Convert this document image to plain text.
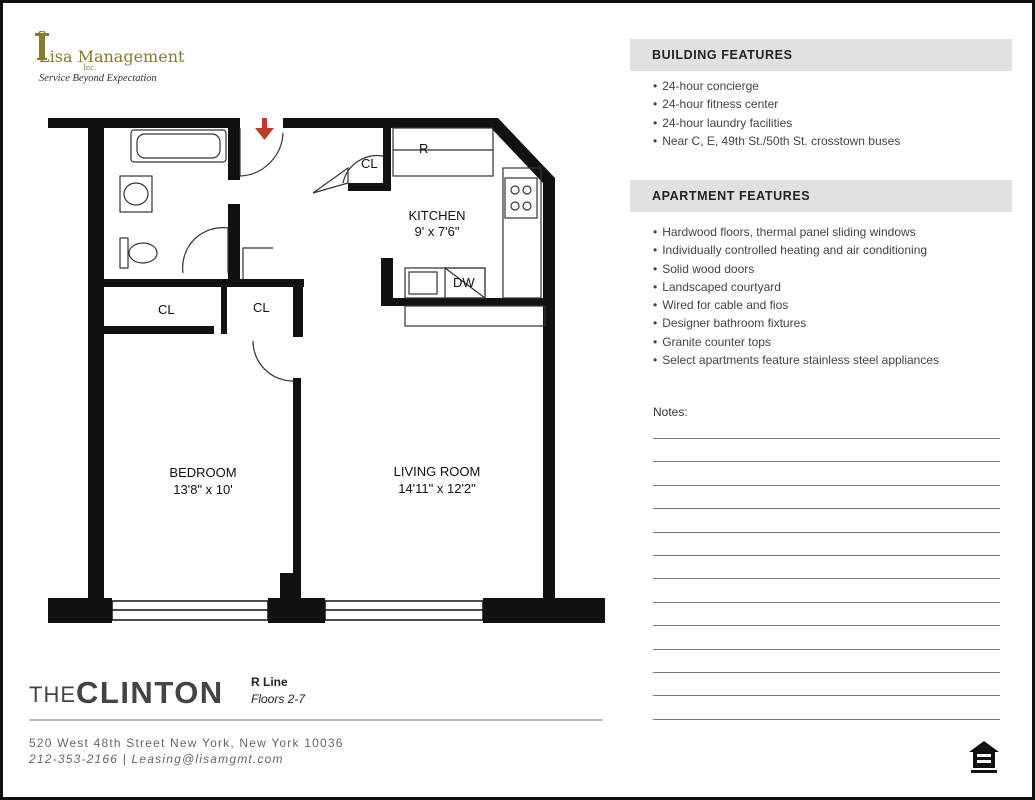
Lisa Management
Inc.
Service Beyond Expectation
CL
R
KITCHEN
9' x 7'6"
DW
CL	CL
BEDROOM
13'8" x 10'
LIVING ROOM
14'11" x 12'2"
BUILDING FEATURES
• 24-hour concierge
• 24-hour fitness center
• 24-hour laundry facilities
• Near C, E, 49th St./50th St. crosstown buses
APARTMENT FEATURES
• Hardwood floors, thermal panel sliding windows
• Individually controlled heating and air conditioning
• Solid wood doors
• Landscaped courtyard
• Wired for cable and fios
• Designer bathroom fixtures
• Granite counter tops
• Select apartments feature stainless steel appliances
Notes:
THE CLINTON R Line
Floors 2-7
520 West 48th Street New York, New York 10036
212-353-2166 | Leasing@lisamgmt.com
